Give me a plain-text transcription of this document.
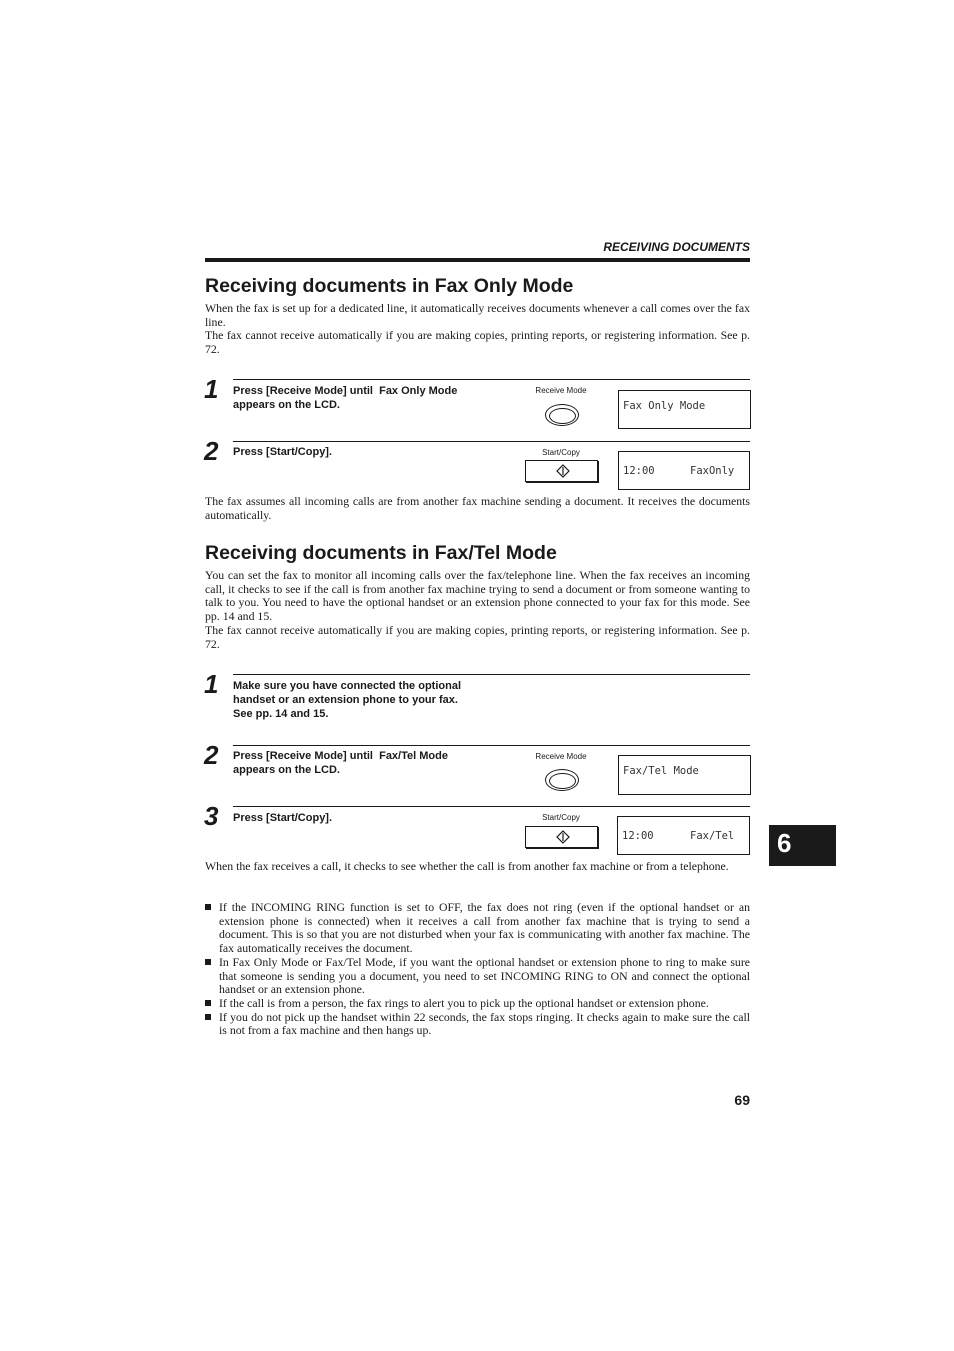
RECEIVING DOCUMENTS
Receiving documents in Fax Only Mode

When the fax is set up for a dedicated line, it automatically receives documents whenever a call comes over the fax line.

The fax cannot receive automatically if you are making copies, printing reports, or registering information. See p. 72.

1 Press [Receive Mode] until  Fax Only Mode
appears on the LCD.
Receive Mode
Fax Only Mode
2 Press [Start/Copy].	Start/Copy
12:00	FaxOnly

The fax assumes all incoming calls are from another fax machine sending a document. It receives the documents automatically.

Receiving documents in Fax/Tel Mode

You can set the fax to monitor all incoming calls over the fax/telephone line. When the fax receives an incoming call, it checks to see if the call is from another fax machine trying to send a document or from someone wanting to talk to you. You need to have the optional handset or an extension phone connected to your fax for this mode. See pp. 14 and 15.

The fax cannot receive automatically if you are making copies, printing reports, or registering information. See p. 72.

1 Make sure you have connected the optional
handset or an extension phone to your fax.
See pp. 14 and 15.
2 Press [Receive Mode] until  Fax/Tel Mode
appears on the LCD.
Receive Mode
Fax/Tel Mode
3 Press [Start/Copy].	Start/Copy
12:00	Fax/Tel

When the fax receives a call, it checks to see whether the call is from another fax machine or from a telephone.

If the INCOMING RING function is set to OFF, the fax does not ring (even if the optional handset or an extension phone is connected) when it receives a call from another fax machine that is trying to send a document. This is so that you are not disturbed when your fax is communicating with another fax machine. The fax automatically receives the document.
In Fax Only Mode or Fax/Tel Mode, if you want the optional handset or extension phone to ring to make sure that someone is sending you a document, you need to set INCOMING RING to ON and connect the optional handset or an extension phone.
If the call is from a person, the fax rings to alert you to pick up the optional handset or extension phone.
If you do not pick up the handset within 22 seconds, the fax stops ringing. It checks again to make sure the call is not from a fax machine and then hangs up.
6
69
